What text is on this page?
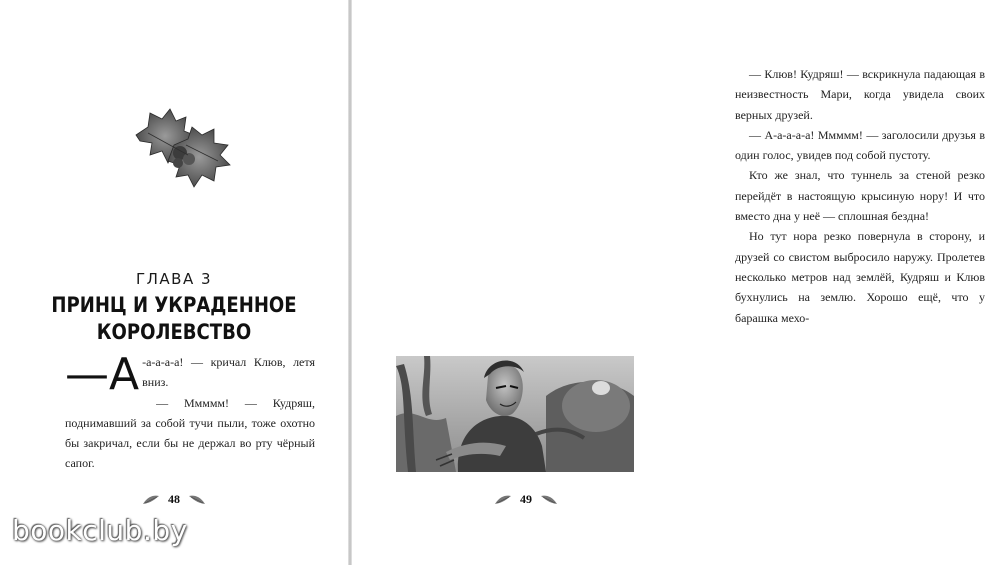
ГЛАВА 3
ПРИНЦ И УКРАДЕННОЕ
КОРОЛЕВСТВО

—А -а-а-а-а! — кричал Клюв, летя вниз.

— Ммммм! — Кудряш, поднимавший за собой тучи пыли, тоже охотно бы закричал, если бы не держал во рту чёрный сапог.

48

— Клюв! Кудряш! — вскрикнула падающая в неизвестность Мари, когда увидела своих верных друзей.

— А-а-а-а-а! Ммммм! — заголосили друзья в один голос, увидев под собой пустоту.

Кто же знал, что туннель за стеной резко перейдёт в настоящую крысиную нору! И что вместо дна у неё — сплошная бездна!

Но тут нора резко повернула в сторону, и друзей со свистом выбросило наружу. Пролетев несколько метров над землёй, Кудряш и Клюв бухнулись на землю. Хорошо ещё, что у барашка мехо-

49
bookclub.by
